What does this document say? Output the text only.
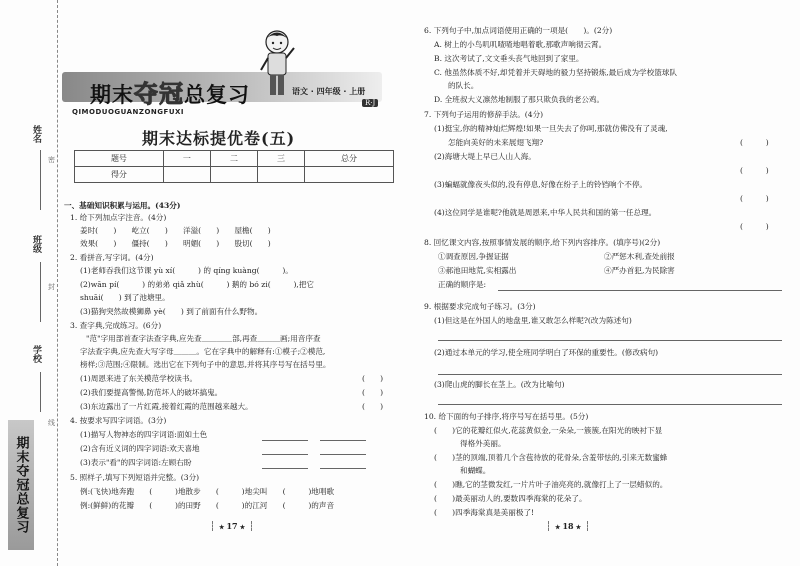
姓名
班级
学校
密
封
线
期末夺冠总复习
期末夺冠总复习	语文 · 四年级 · 上册
R·J
QIMODUOGUANZONGFUXI
期末达标提优卷(五)
题号	一	二	三	总分
得分				
一、基础知识积累与运用。(43分)
1. 给下列加点字注音。(4分)
姜时(　　)　　屹立(　　)　　洋溢(　　)　　屋檐(　　)
效果(　　)　　僵持(　　)　　明媚(　　)　　股切(　　)
2. 看拼音,写字词。(4分)
(1)老师吞我们这节课 yù xí(　　　) 的 qíng kuàng(　　　)。
(2)wān pí(　　　) 的弟弟 qiǎ zhù(　　　) 鹅的 bó zi(　　　),把它
shuāi(　　) 到了池塘里。
(3)猫狗突然故模狮鼻 yè(　　) 到了前面有什么野物。
3. 查字典,完成练习。(6分)
"范"字用部首查字法查字典,应先查＿＿＿＿部,再查＿＿＿画;用音序查
字法查字典,应先查大写字母＿＿＿。它在字典中的解释有:①模子;②模范,
榜样;③范围;④限制。选出它在下列句子中的意思,并将其序号写在括号里。
(1)周恩来进了东关模范学校读书。	(　　)
(2)我们要提高警惕,防范坏人的破坏搞鬼。	(　　)
(3)东边露出了一片红霞,接着红霞的范围越来越大。	(　　)
4. 按要求写四字词语。(3分)
(1)描写人物神态的四字词语:面如土色
(2)含有近义词的四字词语:欢天喜地
(3)表示"看"的四字词语:左顾右盼
5. 照样子,填写下列短语并完整。(3分)
例:(飞快)地奔跑　　(　　　)地散步　　(　　　)地尖叫　　(　　　)地唱歌
例:(鲜鲜)的花瓣　　(　　　)的田野　　(　　　)的江河　　(　　　)的声音
★ 17 ★
6. 下列句子中,加点词语使用正确的一项是(　　)。(2分)
A. 树上的小鸟叽叽喳喳地唱着歌,那歌声响彻云霄。
B. 这次考试了,文文垂头丧气地回到了家里。
C. 他虽然体质不好,却凭着并天碍地的毅力坚持锻炼,最后成为学校篮球队
的队长。
D. 全班叔大义凛然地制服了那只欺负我的老公鸡。
7. 下列句子运用的修辞手法。(4分)
(1)挺宝,你的精神灿烂辉煌!如果一旦失去了你呵,那就仿佛没有了灵魂,
怎能向美好的未来展翅飞翔?	(　　　)
(2)海塘大堤上早已人山人海。
(　　　)
(3)蝙蝠就像夜头似的,没有停息,好像在纷子上的铃铛响个不停。
(　　　)
(4)这位同学是谁呢?他就是周恩来,中华人民共和国的第一任总理。
(　　　)
8. 回忆课文内容,按照事情发展的顺序,给下列内容排序。(填序号)(2分)
①调查原因,争握证据	②严惩木利,查处前报
③郝池田地荒,实相露出	④严办首犯,为民除害
正确的顺序是:
9. 根据要求完成句子练习。(3分)
(1)但这是在外国人的地盘里,谁又敢怎么样呢?(改为陈述句)
(2)通过本单元的学习,使全班同学明白了环保的重要性。(修改病句)
(3)爬山虎的脚长在茎上。(改为比喻句)
10. 给下面的句子排序,将序号写在括号里。(5分)
(　　)它的花瓣红似火,花蕊黄似金,一朵朵,一簇簇,在阳光的映衬下显
得格外美丽。
(　　)茎的顶端,顶着几个含苞待放的花骨朵,含羞带怯的,引来无数蜜蜂
和蝴蝶。
(　　)瞧,它的茎微发红,一片片叶子油亮亮的,就像打上了一层蜡似的。
(　　)最美丽动人的,要数四季海棠的花朵了。
(　　)四季海棠真是美丽极了!
★ 18 ★
